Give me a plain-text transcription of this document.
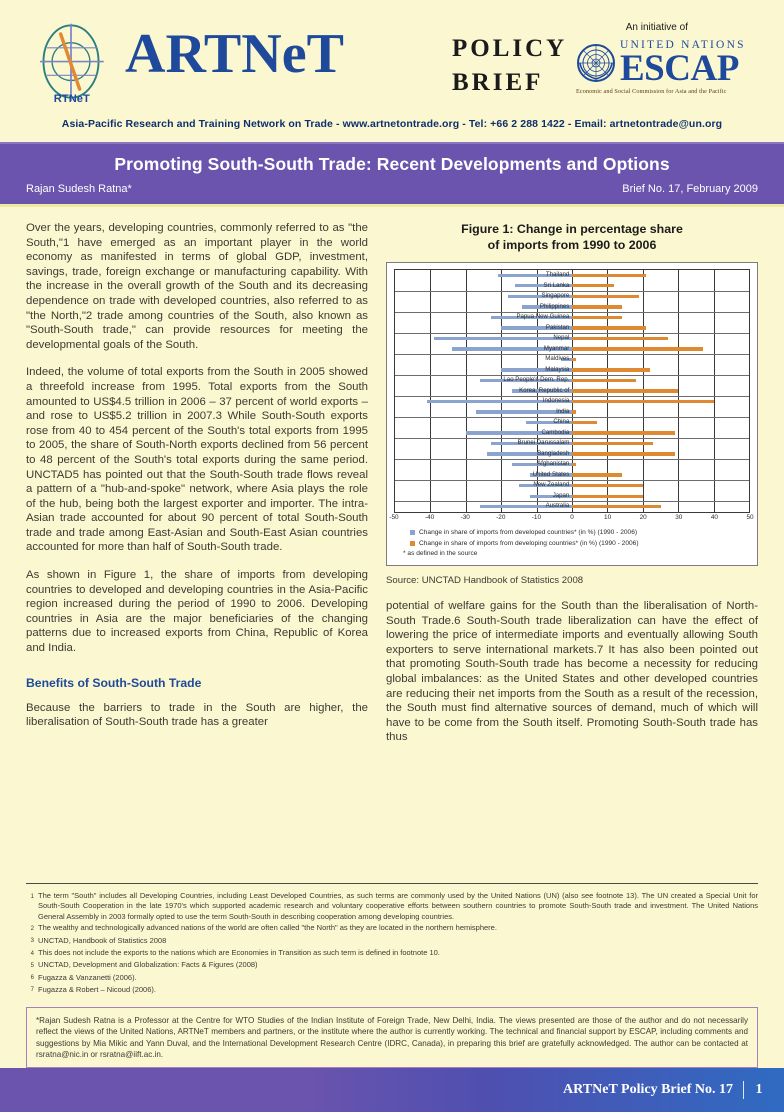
RTNeT
ARTNeT	POLICY
BRIEF
An initiative of
UNITED NATIONS
ESCAP
Economic and Social Commission for Asia and the Pacific
Asia-Pacific Research and Training Network on Trade - www.artnetontrade.org - Tel: +66 2 288 1422 - Email: artnetontrade@un.org
Promoting South-South Trade: Recent Developments and Options
Rajan Sudesh Ratna*	Brief No. 17, February 2009

Over the years, developing countries, commonly referred to as "the South,"1 have emerged as an important player in the world economy as manifested in terms of global GDP, investment, savings, trade, foreign exchange or manufacturing capability. With the increase in the overall growth of the South and its decreasing dependence on trade with developed countries, also referred to as "the North,"2 trade among countries of the South, also known as "South-South trade," can provide resources for meeting the developmental goals of the South.

Indeed, the volume of total exports from the South in 2005 showed a threefold increase from 1995. Total exports from the South amounted to US$4.5 trillion in 2006 – 37 percent of world exports – and rose to US$5.2 trillion in 2007.3 While South-South exports rose from 40 to 454 percent of the South's total exports from 1995 to 2005, the share of South-North exports declined from 56 percent to 48 percent of the South's total exports during the same period. UNCTAD5 has pointed out that the South-South trade flows reveal a pattern of a "hub-and-spoke" network, where Asia plays the role of the hub, being both the largest exporter and importer. The intra-Asian trade accounted for about 90 percent of total South-South trade and trade among East-Asian and South-East Asian countries accounted for more than half of South-South trade.

As shown in Figure 1, the share of imports from developing countries to developed and developing countries in the Asia-Pacific region increased during the period of 1990 to 2006. Developing countries in Asia are the major beneficiaries of the changing patterns due to increased exports from China, Republic of Korea and India.

Benefits of South-South Trade

Because the barriers to trade in the South are higher, the liberalisation of South-South trade has a greater

Figure 1: Change in percentage share
of imports from 1990 to 2006
Thailand
Sri Lanka
Singapore
Philippines
Papua New Guinea
Pakistan
Nepal
Myanmar
Maldives
Malaysia
Lao People's Dem. Rep.
Korea, Republic of
Indonesia
India
China
Cambodia
Brunei Darussalam
Bangladesh
Afghanistan
United States
New Zealand
Japan
Australia
-50	-40	-30	-20	-10	0	10	20	30	40	50
Change in share of imports from developed countries* (in %) (1990 - 2006)
Change in share of imports from developing countries* (in %) (1990 - 2006)
* as defined in the source
Source: UNCTAD Handbook of Statistics 2008

potential of welfare gains for the South than the liberalisation of North-South Trade.6 South-South trade liberalization can have the effect of lowering the price of intermediate imports and eventually allowing South exporters to serve international markets.7 It has also been pointed out that promoting South-South trade has become a necessity for reducing global imbalances: as the United States and other developed countries are reducing their net imports from the South as a result of the recession, the South must find alternative sources of demand, much of which will have to be come from the South itself. Promoting South-South trade has thus

1 The term "South" includes all Developing Countries, including Least Developed Countries, as such terms are commonly used by the United Nations (UN) (also see footnote 13). The UN created a Special Unit for South-South Cooperation in the late 1970's which supported academic research and voluntary cooperative efforts between southern countries to promote South-South trade and investment. The United Nations General Assembly in 2003 formally opted to use the term South-South in describing cooperation among developing countries.
2 The wealthy and technologically advanced nations of the world are often called "the North" as they are located in the northern hemisphere.
3 UNCTAD, Handbook of Statistics 2008
4 This does not include the exports to the nations which are Economies in Transition as such term is defined in footnote 10.
5 UNCTAD, Development and Globalization: Facts & Figures (2008)
6 Fugazza & Vanzanetti (2006).
7 Fugazza & Robert – Nicoud (2006).
*Rajan Sudesh Ratna is a Professor at the Centre for WTO Studies of the Indian Institute of Foreign Trade, New Delhi, India. The views presented are those of the author and do not necessarily reflect the views of the United Nations, ARTNeT members and partners, or the institute where the author is currently working. The technical and financial support by ESCAP, including comments and suggestions by Mia Mikic and Yann Duval, and the International Development Research Centre (IDRC, Canada), in preparing this brief are gratefully acknowledged. The author can be contacted at rsratna@nic.in or rsratna@iift.ac.in.
ARTNeT Policy Brief No. 17 1
